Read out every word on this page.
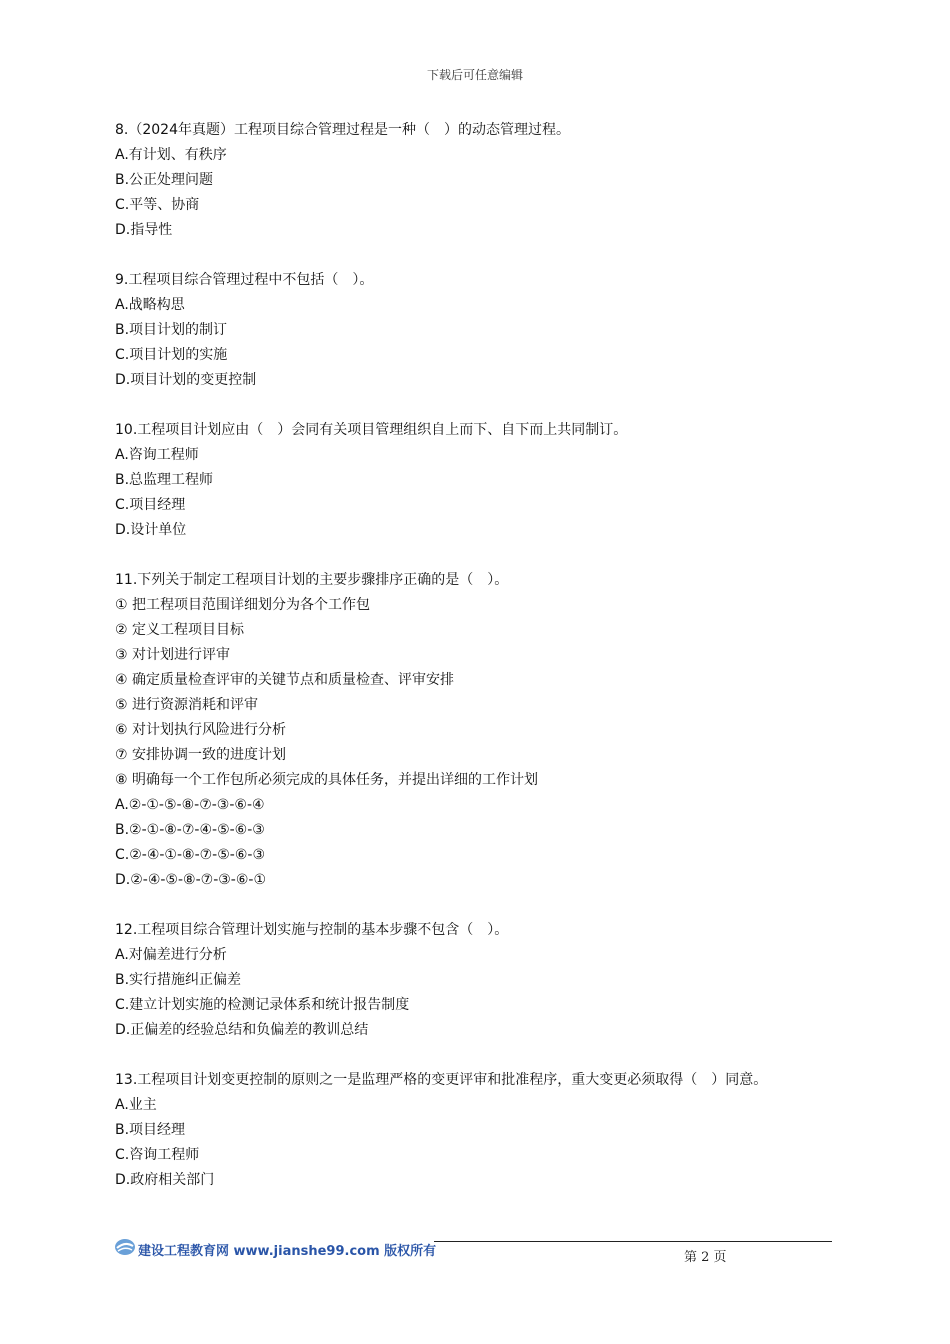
下载后可任意编辑
8.（2024年真题）工程项目综合管理过程是一种（　）的动态管理过程。
A.有计划、有秩序
B.公正处理问题
C.平等、协商
D.指导性
9.工程项目综合管理过程中不包括（　）。
A.战略构思
B.项目计划的制订
C.项目计划的实施
D.项目计划的变更控制
10.工程项目计划应由（　）会同有关项目管理组织自上而下、自下而上共同制订。
A.咨询工程师
B.总监理工程师
C.项目经理
D.设计单位
11.下列关于制定工程项目计划的主要步骤排序正确的是（　）。
① 把工程项目范围详细划分为各个工作包
② 定义工程项目目标
③ 对计划进行评审
④ 确定质量检查评审的关键节点和质量检查、评审安排
⑤ 进行资源消耗和评审
⑥ 对计划执行风险进行分析
⑦ 安排协调一致的进度计划
⑧ 明确每一个工作包所必须完成的具体任务，并提出详细的工作计划
A.②-①-⑤-⑧-⑦-③-⑥-④
B.②-①-⑧-⑦-④-⑤-⑥-③
C.②-④-①-⑧-⑦-⑤-⑥-③
D.②-④-⑤-⑧-⑦-③-⑥-①
12.工程项目综合管理计划实施与控制的基本步骤不包含（　）。
A.对偏差进行分析
B.实行措施纠正偏差
C.建立计划实施的检测记录体系和统计报告制度
D.正偏差的经验总结和负偏差的教训总结
13.工程项目计划变更控制的原则之一是监理严格的变更评审和批准程序，重大变更必须取得（　）同意。
A.业主
B.项目经理
C.咨询工程师
D.政府相关部门
建设工程教育网 www.jianshe99.com 版权所有	第 2 页
